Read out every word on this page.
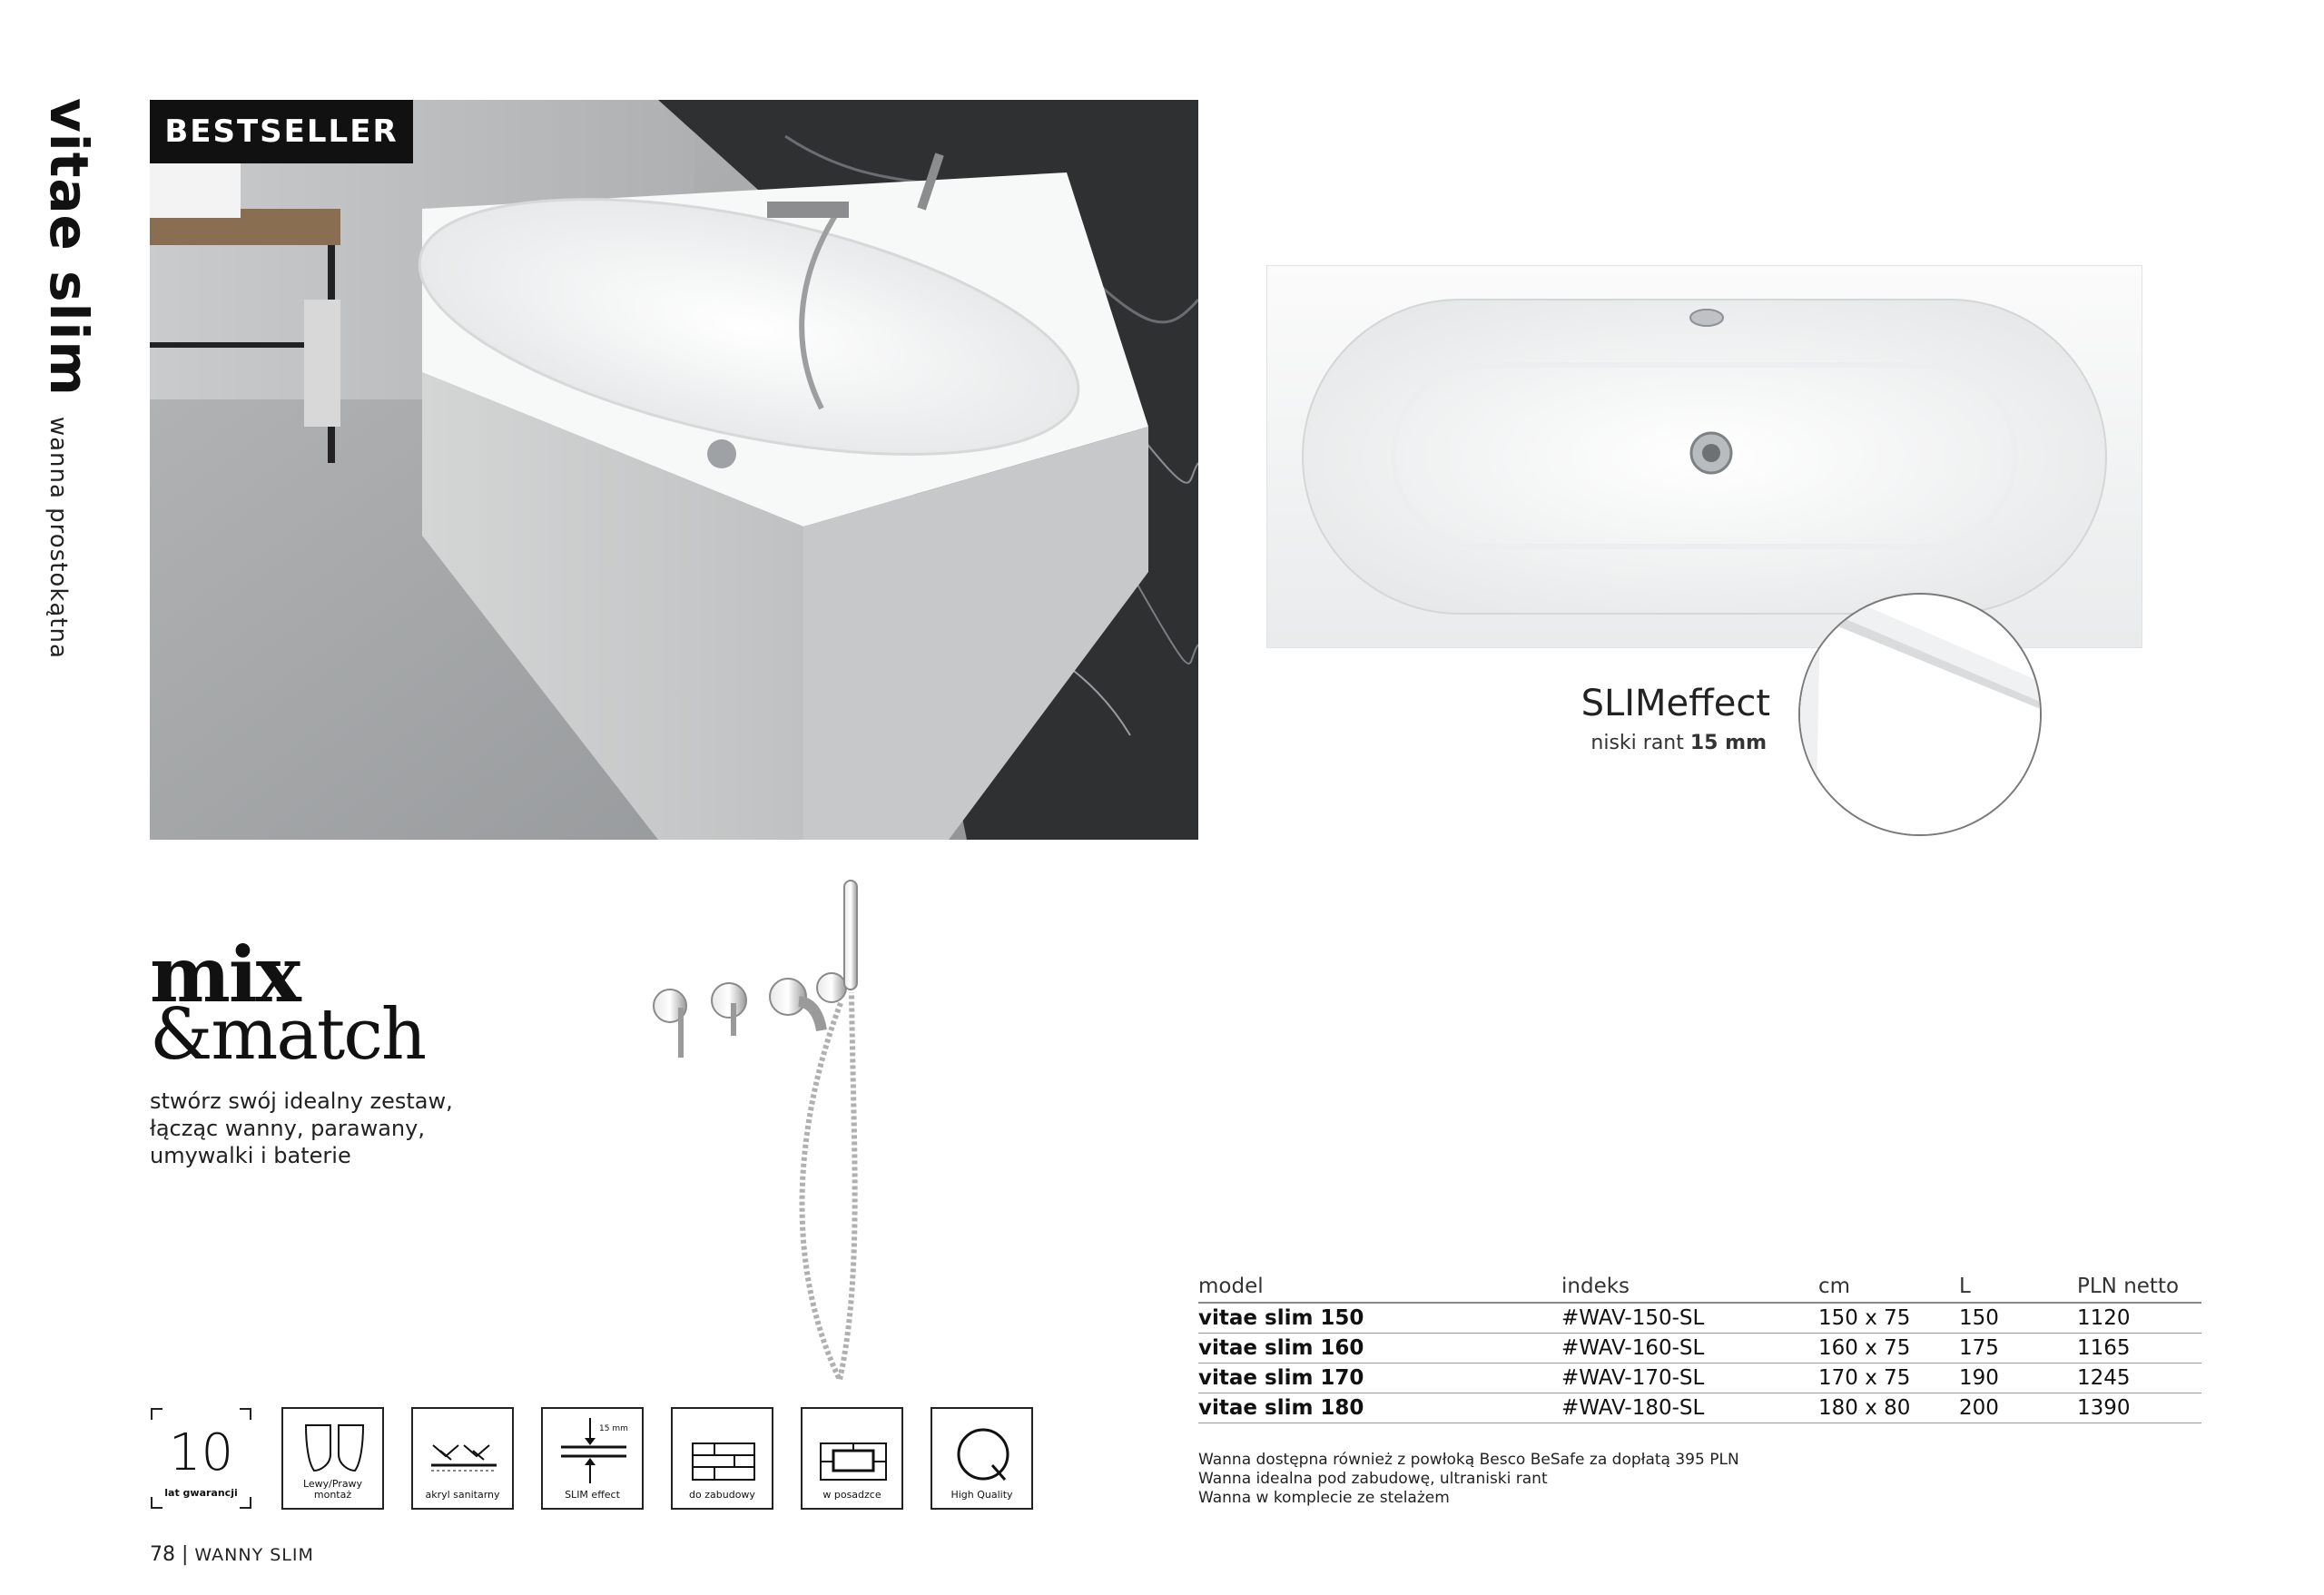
vitae slimwanna prostokątna
BESTSELLER
SLIMeffect
niski rant 15 mm
mix
&match
stwórz swój idealny zestaw,
łącząc wanny, parawany,
umywalki i baterie
10
lat gwarancji
Lewy/Prawy montaż	akryl sanitarny
15 mm
SLIM effect	do zabudowy	w posadzce	High Quality
78 | WANNY SLIM
model	indeks	cm	L	PLN netto
vitae slim 150	#WAV-150-SL	150 x 75	150	1120
vitae slim 160	#WAV-160-SL	160 x 75	175	1165
vitae slim 170	#WAV-170-SL	170 x 75	190	1245
vitae slim 180	#WAV-180-SL	180 x 80	200	1390
Wanna dostępna również z powłoką Besco BeSafe za dopłatą 395 PLN
Wanna idealna pod zabudowę, ultraniski rant
Wanna w komplecie ze stelażem
